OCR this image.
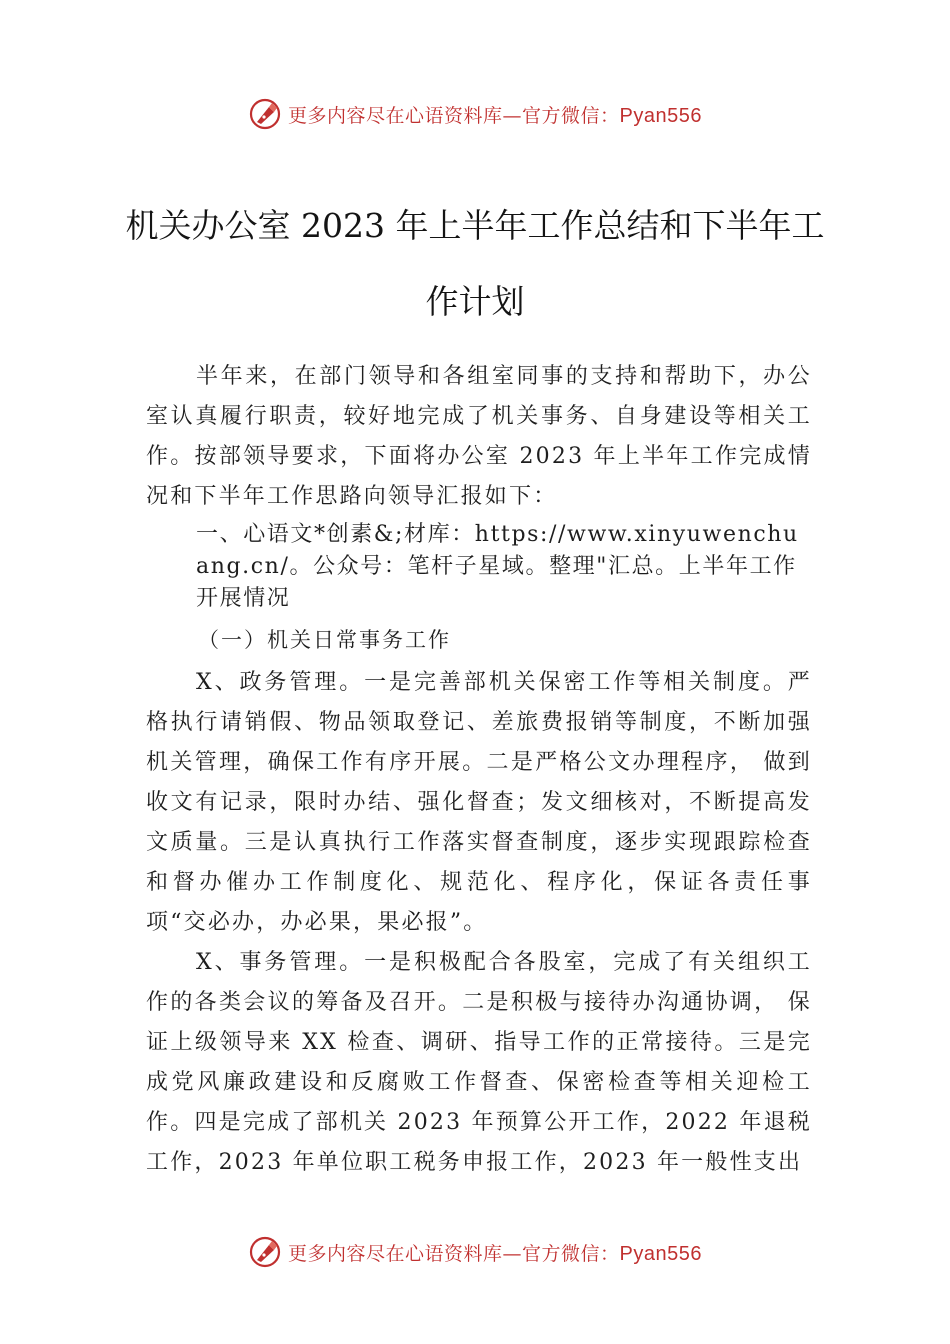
更多内容尽在心语资料库—官方微信：Pyan556
机关办公室 2023 年上半年工作总结和下半年工作计划

半年来，在部门领导和各组室同事的支持和帮助下，办公室认真履行职责，较好地完成了机关事务、自身建设等相关工作。按部领导要求，下面将办公室 2023 年上半年工作完成情况和下半年工作思路向领导汇报如下：

一、心语文*创素&;材库：https://www.xinyuwenchuang.cn/。公众号：笔杆子星域。整理"汇总。上半年工作开展情况

（一）机关日常事务工作

X、政务管理。一是完善部机关保密工作等相关制度。严格执行请销假、物品领取登记、差旅费报销等制度，不断加强机关管理，确保工作有序开展。二是严格公文办理程序， 做到收文有记录，限时办结、强化督查；发文细核对，不断提高发文质量。三是认真执行工作落实督查制度，逐步实现跟踪检查和督办催办工作制度化、规范化、程序化，保证各责任事项“交必办，办必果，果必报”。

X、事务管理。一是积极配合各股室，完成了有关组织工作的各类会议的筹备及召开。二是积极与接待办沟通协调， 保证上级领导来 XX 检查、调研、指导工作的正常接待。三是完成党风廉政建设和反腐败工作督查、保密检查等相关迎检工作。四是完成了部机关 2023 年预算公开工作，2022 年退税工作，2023 年单位职工税务申报工作，2023 年一般性支出

更多内容尽在心语资料库—官方微信：Pyan556
